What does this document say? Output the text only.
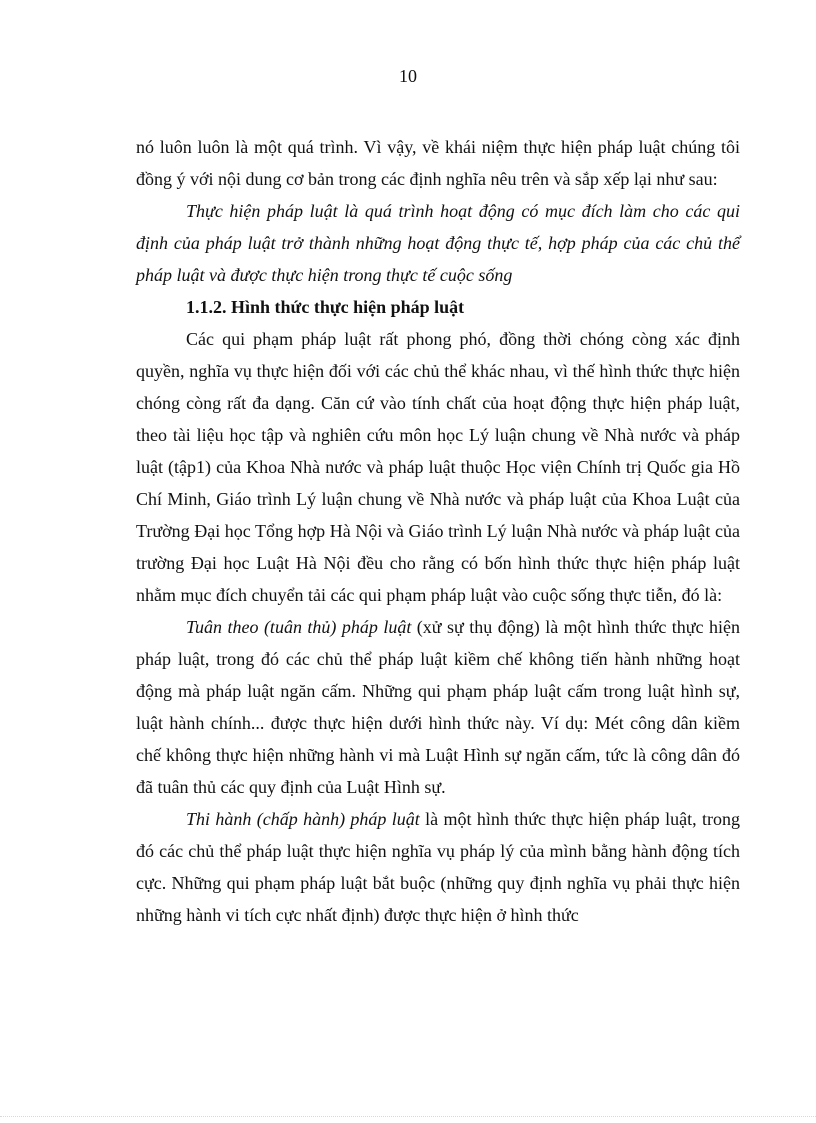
10

nó luôn luôn là một quá trình. Vì vậy, về khái niệm thực hiện pháp luật chúng tôi đồng ý với nội dung cơ bản trong các định nghĩa nêu trên và sắp xếp lại như sau:

Thực hiện pháp luật là quá trình hoạt động có mục đích làm cho các qui định của pháp luật trở thành những hoạt động thực tế, hợp pháp của các chủ thể pháp luật và được thực hiện trong thực tế cuộc sống

1.1.2. Hình thức thực hiện pháp luật

Các qui phạm pháp luật rất phong phó, đồng thời chóng còng xác định quyền, nghĩa vụ thực hiện đối với các chủ thể khác nhau, vì thế hình thức thực hiện chóng còng rất đa dạng. Căn cứ vào tính chất của hoạt động thực hiện pháp luật, theo tài liệu học tập và nghiên cứu môn học Lý luận chung về Nhà nước và pháp luật (tập1) của Khoa Nhà nước và pháp luật thuộc Học viện Chính trị Quốc gia Hồ Chí Minh, Giáo trình Lý luận chung về Nhà nước và pháp luật của Khoa Luật của Trường Đại học Tổng hợp Hà Nội và Giáo trình Lý luận Nhà nước và pháp luật của trường Đại học Luật Hà Nội đều cho rằng có bốn hình thức thực hiện pháp luật nhằm mục đích chuyển tải các qui phạm pháp luật vào cuộc sống thực tiễn, đó là:

Tuân theo (tuân thủ) pháp luật (xử sự thụ động) là một hình thức thực hiện pháp luật, trong đó các chủ thể pháp luật kiềm chế không tiến hành những hoạt động mà pháp luật ngăn cấm. Những qui phạm pháp luật cấm trong luật hình sự, luật hành chính... được thực hiện dưới hình thức này. Ví dụ: Mét công dân kiềm chế không thực hiện những hành vi mà Luật Hình sự ngăn cấm, tức là công dân đó đã tuân thủ các quy định của Luật Hình sự.

Thi hành (chấp hành) pháp luật là một hình thức thực hiện pháp luật, trong đó các chủ thể pháp luật thực hiện nghĩa vụ pháp lý của mình bằng hành động tích cực. Những qui phạm pháp luật bắt buộc (những quy định nghĩa vụ phải thực hiện những hành vi tích cực nhất định) được thực hiện ở hình thức
